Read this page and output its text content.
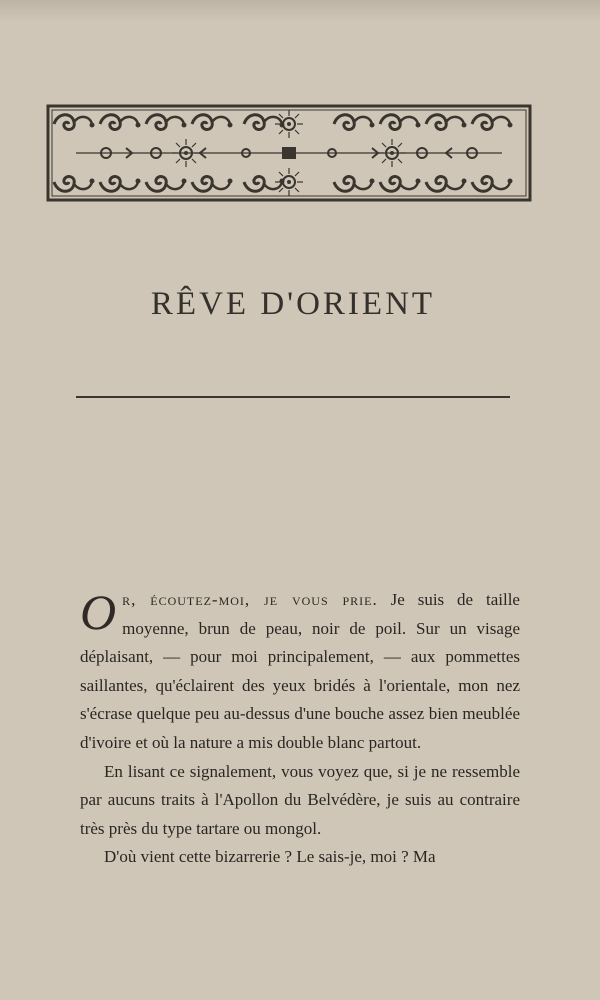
RÊVE D'ORIENT

Or, écoutez-moi, je vous prie. Je suis de taille moyenne, brun de peau, noir de poil. Sur un visage déplaisant, — pour moi principalement, — aux pommettes saillantes, qu'éclairent des yeux bridés à l'orientale, mon nez s'écrase quelque peu au-dessus d'une bouche assez bien meublée d'ivoire et où la nature a mis double blanc partout.

En lisant ce signalement, vous voyez que, si je ne ressemble par aucuns traits à l'Apollon du Belvédère, je suis au contraire très près du type tartare ou mongol.

D'où vient cette bizarrerie ? Le sais-je, moi ? Ma
